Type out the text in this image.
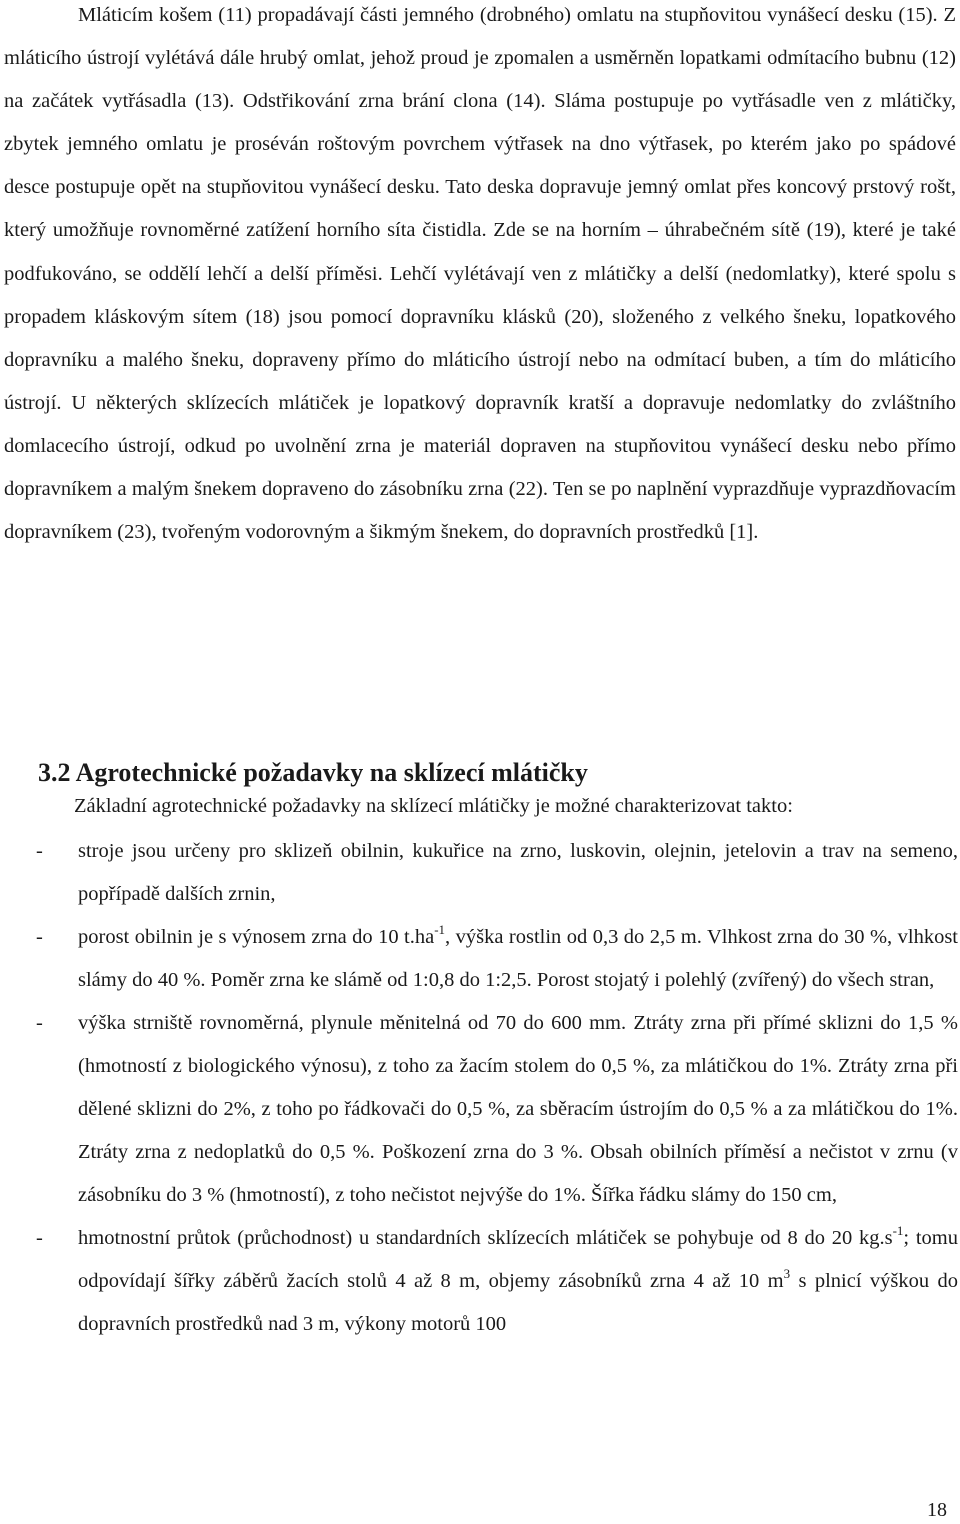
Mláticím košem (11) propadávají části jemného (drobného) omlatu na stupňovitou vynášecí desku (15). Z mláticího ústrojí vylétává dále hrubý omlat, jehož proud je zpomalen a usměrněn lopatkami odmítacího bubnu (12) na začátek vytřásadla (13). Odstřikování zrna brání clona (14). Sláma postupuje po vytřásadle ven z mlátičky, zbytek jemného omlatu je proséván roštovým povrchem výtřasek na dno výtřasek, po kterém jako po spádové desce postupuje opět na stupňovitou vynášecí desku. Tato deska dopravuje jemný omlat přes koncový prstový rošt, který umožňuje rovnoměrné zatížení horního síta čistidla. Zde se na horním – úhrabečném sítě (19), které je také podfukováno, se oddělí lehčí a delší příměsi. Lehčí vylétávají ven z mlátičky a delší (nedomlatky), které spolu s propadem kláskovým sítem (18) jsou pomocí dopravníku klásků (20), složeného z velkého šneku, lopatkového dopravníku a malého šneku, dopraveny přímo do mláticího ústrojí nebo na odmítací buben, a tím do mláticího ústrojí. U některých sklízecích mlátiček je lopatkový dopravník kratší a dopravuje nedomlatky do zvláštního domlacecího ústrojí, odkud po uvolnění zrna je materiál dopraven na stupňovitou vynášecí desku nebo přímo dopravníkem a malým šnekem dopraveno do zásobníku zrna (22). Ten se po naplnění vyprazdňuje vyprazdňovacím dopravníkem (23), tvořeným vodorovným a šikmým šnekem, do dopravních prostředků [1].

3.2 Agrotechnické požadavky na sklízecí mlátičky

Základní agrotechnické požadavky na sklízecí mlátičky je možné charakterizovat takto:

- stroje jsou určeny pro sklizeň obilnin, kukuřice na zrno, luskovin, olejnin, jetelovin a trav na semeno, popřípadě dalších zrnin,
- porost obilnin je s výnosem zrna do 10 $t.ha^{-1}$, výška rostlin od 0,3 do 2,5 m. Vlhkost zrna do 30 %, vlhkost slámy do 40 %. Poměr zrna ke slámě od 1:0,8 do 1:2,5. Porost stojatý i polehlý (zvířený) do všech stran,
- výška strniště rovnoměrná, plynule měnitelná od 70 do 600 mm. Ztráty zrna při přímé sklizni do 1,5 % (hmotností z biologického výnosu), z toho za žacím stolem do 0,5 %, za mlátičkou do 1%. Ztráty zrna při dělené sklizni do 2%, z toho po řádkovači do 0,5 %, za sběracím ústrojím do 0,5 % a za mlátičkou do 1%. Ztráty zrna z nedoplatků do 0,5 %. Poškození zrna do 3 %. Obsah obilních příměsí a nečistot v zrnu (v zásobníku do 3 % (hmotností), z toho nečistot nejvýše do 1%. Šířka řádku slámy do 150 cm,
- hmotnostní průtok (průchodnost) u standardních sklízecích mlátiček se pohybuje od 8 do 20 $kg.s^{-1}$; tomu odpovídají šířky záběrů žacích stolů 4 až 8 m, objemy zásobníků zrna 4 až 10 $m^3$ s plnicí výškou do dopravních prostředků nad 3 m, výkony motorů 100
18
